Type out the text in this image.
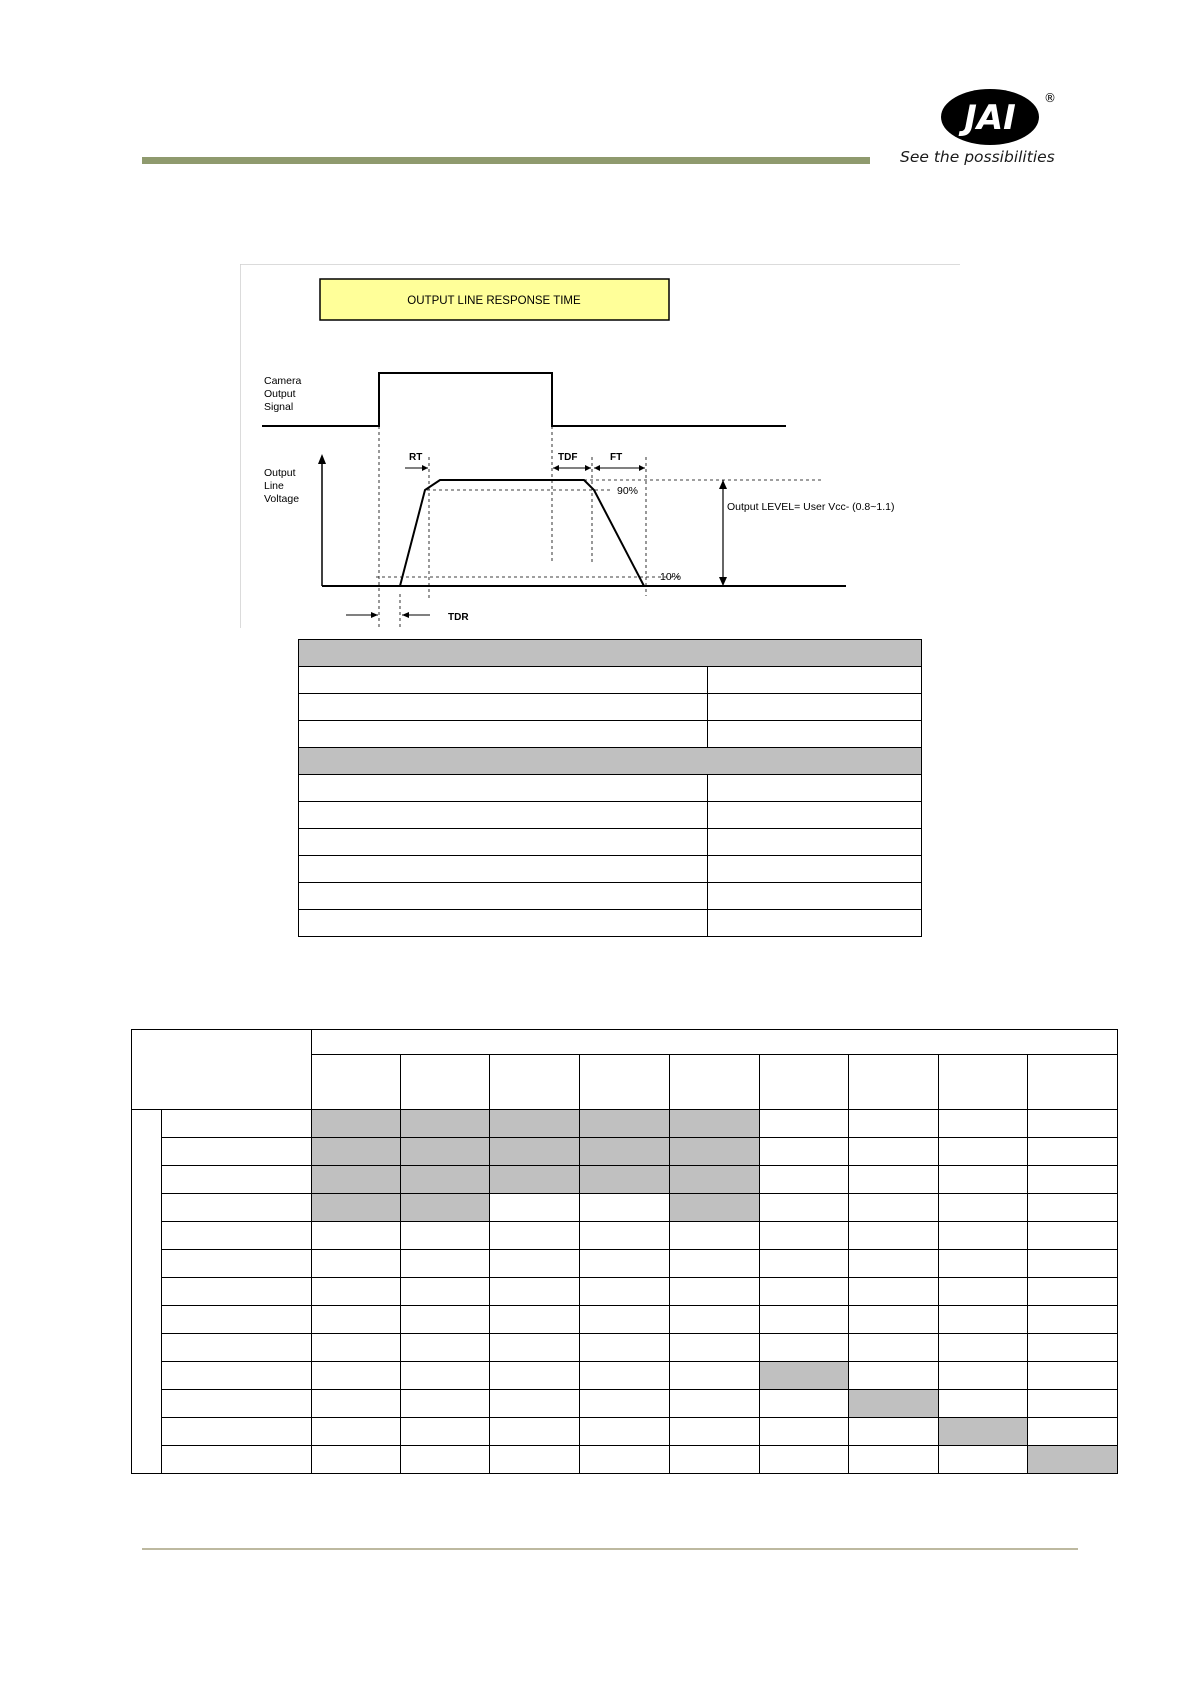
JAI ®
See the possibilities
OUTPUT LINE RESPONSE TIME
Camera
Output
Signal
Output
Line
Voltage
RT	TDF	FT
90%
10%
Output LEVEL= User Vcc- (0.8~1.1)
TDR
